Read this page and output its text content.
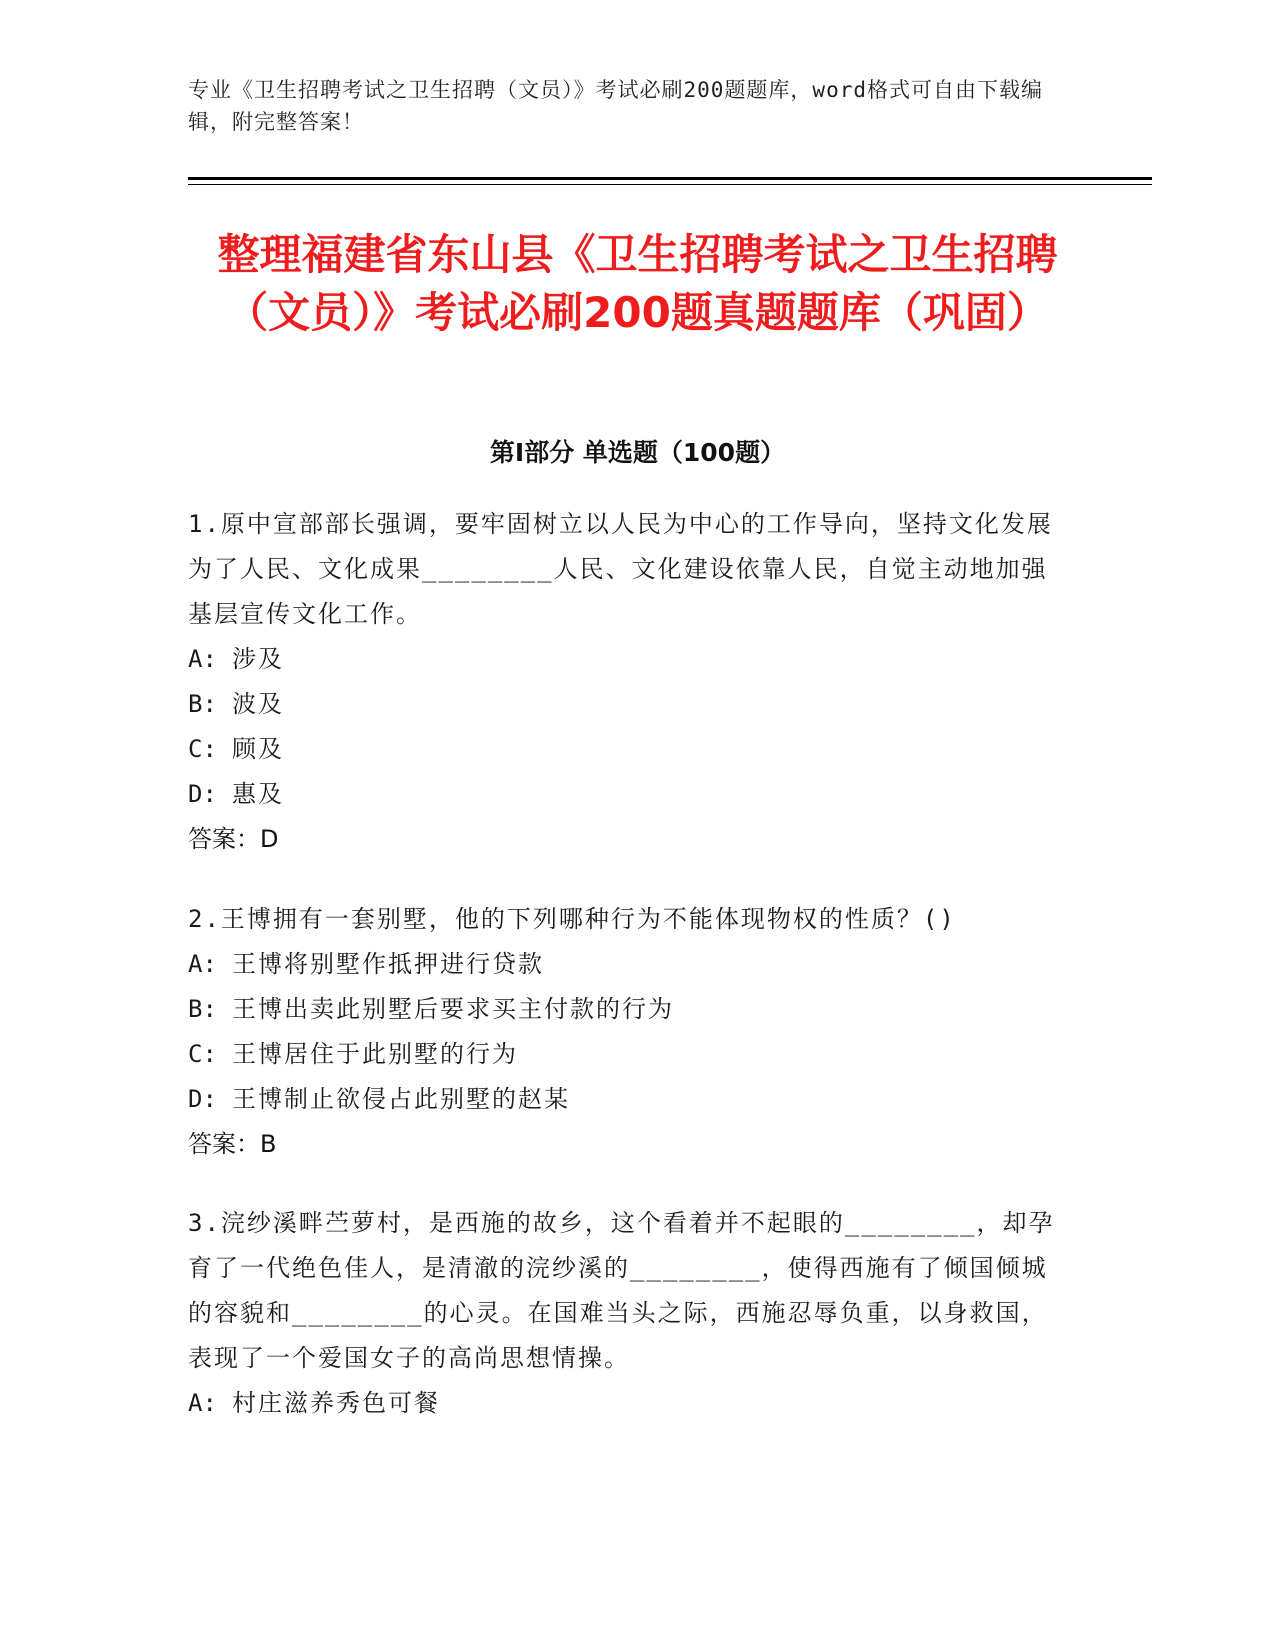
专业《卫生招聘考试之卫生招聘（文员）》考试必刷200题题库，word格式可自由下载编辑，附完整答案！
整理福建省东山县《卫生招聘考试之卫生招聘（文员）》考试必刷200题真题题库（巩固）
第Ⅰ部分 单选题（100题）
1.原中宣部部长强调，要牢固树立以人民为中心的工作导向，坚持文化发展为了人民、文化成果________人民、文化建设依靠人民，自觉主动地加强基层宣传文化工作。
A: 涉及
B: 波及
C: 顾及
D: 惠及
答案：D
2.王博拥有一套别墅，他的下列哪种行为不能体现物权的性质？()
A: 王博将别墅作抵押进行贷款
B: 王博出卖此别墅后要求买主付款的行为
C: 王博居住于此别墅的行为
D: 王博制止欲侵占此别墅的赵某
答案：B
3.浣纱溪畔苎萝村，是西施的故乡，这个看着并不起眼的________，却孕育了一代绝色佳人，是清澈的浣纱溪的________，使得西施有了倾国倾城的容貌和________的心灵。在国难当头之际，西施忍辱负重，以身救国，表现了一个爱国女子的高尚思想情操。
A: 村庄滋养秀色可餐
